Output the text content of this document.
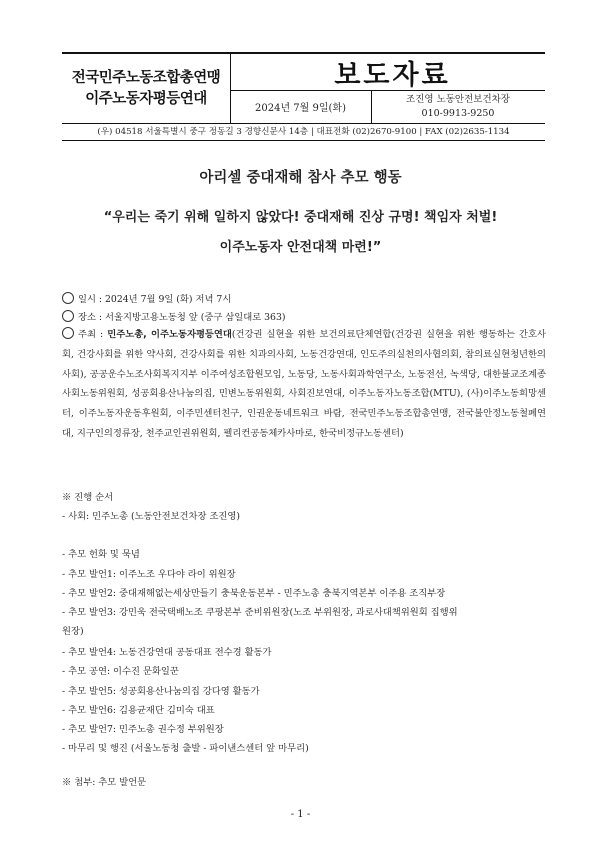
전국민주노동조합총연맹
이주노동자평등연대
보도자료
2024년 7월 9일(화)
조진영 노동안전보건차장
010-9913-9250
(우) 04518 서울특별시 중구 정동길 3 경향신문사 14층 | 대표전화 (02)2670-9100 | FAX (02)2635-1134
아리셀 중대재해 참사 추모 행동
“우리는 죽기 위해 일하지 않았다! 중대재해 진상 규명! 책임자 처벌!
이주노동자 안전대책 마련!”
일시 : 2024년 7월 9일 (화) 저녁 7시
장소 : 서울지방고용노동청 앞 (중구 삼일대로 363)
주최 : 민주노총, 이주노동자평등연대(건강권 실현을 위한 보건의료단체연합(건강권 실현을 위한 행동하는 간호사회, 건강사회를 위한 약사회, 건강사회를 위한 치과의사회, 노동건강연대, 인도주의실천의사협의회, 참의료실현청년한의사회), 공공운수노조사회복지지부 이주여성조합원모임, 노동당, 노동사회과학연구소, 노동전선, 녹색당, 대한불교조계종사회노동위원회, 성공회용산나눔의집, 민변노동위원회, 사회진보연대, 이주노동자노동조합(MTU), (사)이주노동희망센터, 이주노동자운동후원회, 이주민센터친구, 인권운동네트워크 바람, 전국민주노동조합총연맹, 전국불안정노동철폐연대, 지구인의정류장, 천주교인권위원회, 펠리컨공동체카사마로, 한국비정규노동센터)
※ 진행 순서
- 사회: 민주노총 (노동안전보건차장 조진영)
- 추모 헌화 및 묵념
- 추모 발언1: 이주노조 우다야 라이 위원장
- 추모 발언2: 중대재해없는세상만들기 충북운동본부 - 민주노총 충북지역본부 이주용 조직부장
- 추모 발언3: 강민욱 전국택배노조 쿠팡본부 준비위원장(노조 부위원장, 과로사대책위원회 집행위
원장)
- 추모 발언4: 노동건강연대 공동대표 전수경 활동가
- 추모 공연: 이수진 문화일꾼
- 추모 발언5: 성공회용산나눔의집 강다영 활동가
- 추모 발언6: 김용균재단 김미숙 대표
- 추모 발언7: 민주노총 권수정 부위원장
- 마무리 및 행진 (서울노동청 출발 - 파이낸스센터 앞 마무리)
※ 첨부: 추모 발언문
- 1 -
